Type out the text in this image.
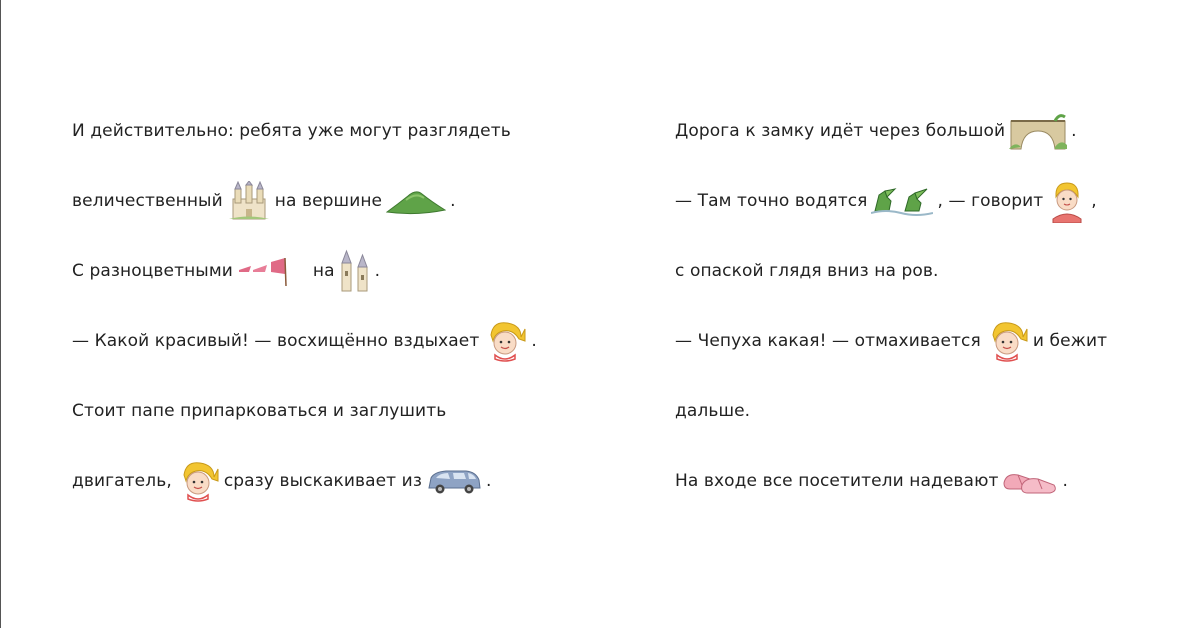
И действительно: ребята уже могут разглядеть
величественный	на вершине	.
С разноцветными	на .
— Какой красивый! — восхищённо вздыхает	.
Стоит папе припарковаться и заглушить
двигатель,	сразу выскакивает из	.
Дорога к замку идёт через большой	.
— Там точно водятся	, — говорит	,
с опаской глядя вниз на ров.
— Чепуха какая! — отмахивается	и бежит
дальше.
На входе все посетители надевают	.
